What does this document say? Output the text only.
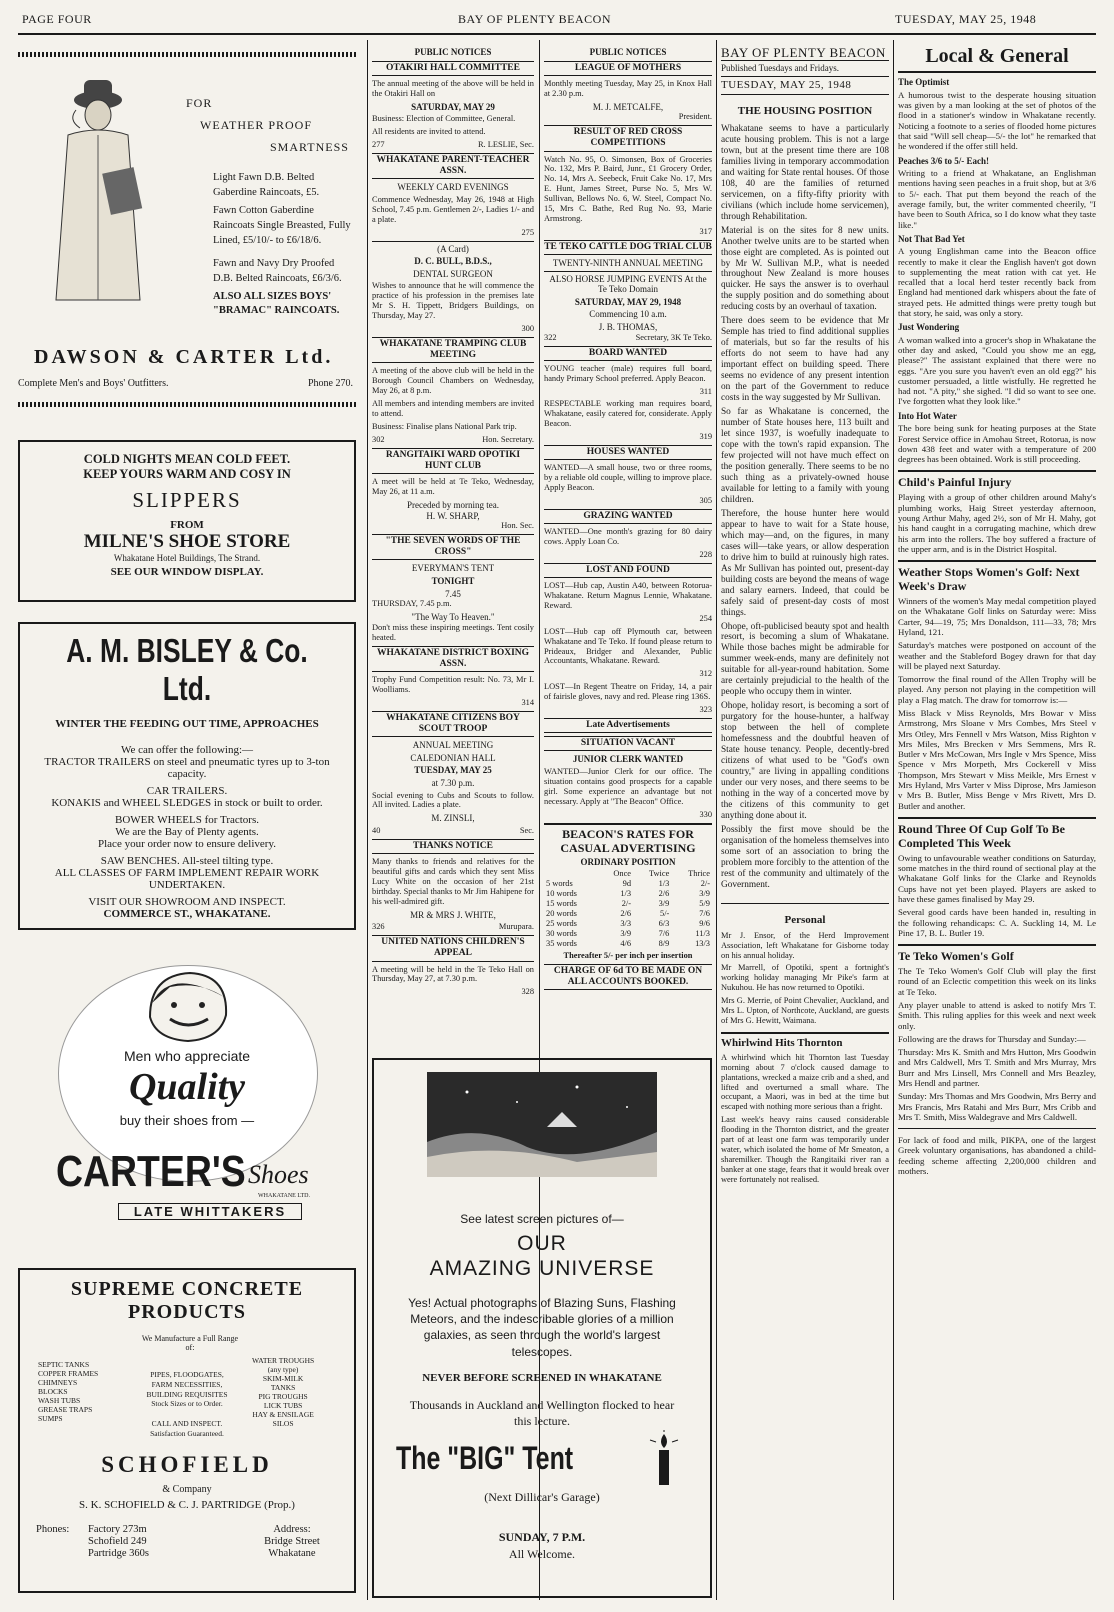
PAGE FOUR	BAY OF PLENTY BEACON	TUESDAY, MAY 25, 1948
FOR
WEATHER PROOF
SMARTNESS
Light Fawn D.B. Belted Gaberdine Raincoats, £5.
Fawn Cotton Gaberdine Raincoats Single Breasted, Fully Lined, £5/10/- to £6/18/6.
Fawn and Navy Dry Proofed D.B. Belted Raincoats, £6/3/6.
ALSO ALL SIZES BOYS' "BRAMAC" RAINCOATS.
DAWSON & CARTER Ltd.
Complete Men's and Boys' Outfitters.	Phone 270.
COLD NIGHTS MEAN COLD FEET.
KEEP YOURS WARM AND COSY IN
SLIPPERS
FROM
MILNE'S SHOE STORE
Whakatane Hotel Buildings, The Strand.
SEE OUR WINDOW DISPLAY.
A. M. BISLEY & Co. Ltd.
WINTER THE FEEDING OUT TIME, APPROACHES
We can offer the following:—
TRACTOR TRAILERS on steel and pneumatic tyres up to 3-ton capacity.
CAR TRAILERS.
KONAKIS and WHEEL SLEDGES in stock or built to order.
BOWER WHEELS for Tractors.
We are the Bay of Plenty agents.
Place your order now to ensure delivery.
SAW BENCHES. All-steel tilting type.
ALL CLASSES OF FARM IMPLEMENT REPAIR WORK UNDERTAKEN.
VISIT OUR SHOWROOM AND INSPECT.
COMMERCE ST., WHAKATANE.
Men who appreciate
Quality
buy their shoes from —
CARTER'S Shoes
WHAKATANE LTD.
LATE WHITTAKERS
SUPREME CONCRETE
PRODUCTS
We Manufacture a Full Range of:
SEPTIC TANKS
COPPER FRAMES
CHIMNEYS
BLOCKS
WASH TUBS
GREASE TRAPS
SUMPS
PIPES, FLOODGATES,
FARM NECESSITIES,
BUILDING REQUISITES
Stock Sizes or to Order.

CALL AND INSPECT.
Satisfaction Guaranteed.
WATER TROUGHS
(any type)
SKIM-MILK
TANKS
PIG TROUGHS
LICK TUBS
HAY & ENSILAGE
SILOS
SCHOFIELD
& Company
S. K. SCHOFIELD & C. J. PARTRIDGE (Prop.)
Phones: Factory 273m
Schofield 249
Partridge 360s
Address:
Bridge Street
Whakatane
PUBLIC NOTICES
OTAKIRI HALL COMMITTEE

The annual meeting of the above will be held in the Otakiri Hall on

SATURDAY, MAY 29

Business: Election of Committee, General.

All residents are invited to attend.

277	R. LESLIE, Sec.
WHAKATANE PARENT-TEACHER ASSN.
WEEKLY CARD EVENINGS

Commence Wednesday, May 26, 1948 at High School, 7.45 p.m. Gentlemen 2/-, Ladies 1/- and a plate.

275
(A Card)
D. C. BULL, B.D.S.,
DENTAL SURGEON

Wishes to announce that he will commence the practice of his profession in the premises late Mr S. H. Tippett, Bridgers Buildings, on Thursday, May 27.

300
WHAKATANE TRAMPING CLUB MEETING

A meeting of the above club will be held in the Borough Council Chambers on Wednesday, May 26, at 8 p.m.

All members and intending members are invited to attend.

Business: Finalise plans National Park trip.

302	Hon. Secretary.
RANGITAIKI WARD OPOTIKI HUNT CLUB

A meet will be held at Te Teko, Wednesday, May 26, at 11 a.m.

Preceded by morning tea.
H. W. SHARP,
Hon. Sec.
"THE SEVEN WORDS OF THE CROSS"
EVERYMAN'S TENT
TONIGHT
7.45

THURSDAY, 7.45 p.m.

"The Way To Heaven."

Don't miss these inspiring meetings. Tent cosily heated.

WHAKATANE DISTRICT BOXING ASSN.

Trophy Fund Competition result: No. 73, Mr I. Woolliams.

314
WHAKATANE CITIZENS BOY SCOUT TROOP
ANNUAL MEETING
CALEDONIAN HALL
TUESDAY, MAY 25
at 7.30 p.m.

Social evening to Cubs and Scouts to follow. All invited. Ladies a plate.

M. ZINSLI,
40	Sec.
THANKS NOTICE

Many thanks to friends and relatives for the beautiful gifts and cards which they sent Miss Lucy White on the occasion of her 21st birthday. Special thanks to Mr Jim Hahipene for his well-admired gift.

MR & MRS J. WHITE,
326	Murupara.
UNITED NATIONS CHILDREN'S APPEAL

A meeting will be held in the Te Teko Hall on Thursday, May 27, at 7.30 p.m.

328
PUBLIC NOTICES
LEAGUE OF MOTHERS

Monthly meeting Tuesday, May 25, in Knox Hall at 2.30 p.m.

M. J. METCALFE,
President.
RESULT OF RED CROSS COMPETITIONS

Watch No. 95, O. Simonsen, Box of Groceries No. 132, Mrs P. Baird, Junr., £1 Grocery Order, No. 14, Mrs A. Seebeck, Fruit Cake No. 17, Mrs E. Hunt, James Street, Purse No. 5, Mrs W. Sullivan, Bellows No. 6, W. Steel, Compact No. 15, Mrs C. Bathe, Red Rug No. 93, Marie Armstrong.

317
TE TEKO CATTLE DOG TRIAL CLUB
TWENTY-NINTH ANNUAL MEETING
ALSO HORSE JUMPING EVENTS At the Te Teko Domain
SATURDAY, MAY 29, 1948
Commencing 10 a.m.
J. B. THOMAS,
322	Secretary, 3K Te Teko.
BOARD WANTED

YOUNG teacher (male) requires full board, handy Primary School preferred. Apply Beacon.

311

RESPECTABLE working man requires board, Whakatane, easily catered for, considerate. Apply Beacon.

319
HOUSES WANTED

WANTED—A small house, two or three rooms, by a reliable old couple, willing to improve place. Apply Beacon.

305
GRAZING WANTED

WANTED—One month's grazing for 80 dairy cows. Apply Loan Co.

228
LOST AND FOUND

LOST—Hub cap, Austin A40, between Rotorua-Whakatane. Return Magnus Lennie, Whakatane. Reward.

254

LOST—Hub cap off Plymouth car, between Whakatane and Te Teko. If found please return to Prideaux, Bridger and Alexander, Public Accountants, Whakatane. Reward.

312

LOST—In Regent Theatre on Friday, 14, a pair of fairisle gloves, navy and red. Please ring 136S.

323
Late Advertisements
SITUATION VACANT
JUNIOR CLERK WANTED

WANTED—Junior Clerk for our office. The situation contains good prospects for a capable girl. Some experience an advantage but not necessary. Apply at "The Beacon" Office.

330
BEACON'S RATES FOR CASUAL ADVERTISING
ORDINARY POSITION
	Once	Twice	Thrice
5 words	9d	1/3	2/-
10 words	1/3	2/6	3/9
15 words	2/-	3/9	5/9
20 words	2/6	5/-	7/6
25 words	3/3	6/3	9/6
30 words	3/9	7/6	11/3
35 words	4/6	8/9	13/3
Thereafter 5/- per inch per insertion
CHARGE OF 6d TO BE MADE ON ALL ACCOUNTS BOOKED.
See latest screen pictures of—
OUR
AMAZING UNIVERSE
Yes! Actual photographs of Blazing Suns, Flashing Meteors, and the indescribable glories of a million galaxies, as seen through the world's largest telescopes.
NEVER BEFORE SCREENED IN WHAKATANE
Thousands in Auckland and Wellington flocked to hear this lecture.
The "BIG" Tent
(Next Dillicar's Garage)
SUNDAY, 7 P.M.
All Welcome.
BAY OF PLENTY BEACON
Published Tuesdays and Fridays.
TUESDAY, MAY 25, 1948
THE HOUSING POSITION

Whakatane seems to have a particularly acute housing problem. This is not a large town, but at the present time there are 108 families living in temporary accommodation and waiting for State rental houses. Of those 108, 40 are the families of returned servicemen, on a fifty-fifty priority with civilians (which include home servicemen), through Rehabilitation.

Material is on the sites for 8 new units. Another twelve units are to be started when those eight are completed. As is pointed out by Mr W. Sullivan M.P., what is needed throughout New Zealand is more houses quicker. He says the answer is to overhaul the supply position and do something about reducing costs by an overhaul of taxation.

There does seem to be evidence that Mr Semple has tried to find additional supplies of materials, but so far the results of his efforts do not seem to have had any important effect on building speed. There seems no evidence of any present intention on the part of the Government to reduce costs in the way suggested by Mr Sullivan.

So far as Whakatane is concerned, the number of State houses here, 113 built and let since 1937, is woefully inadequate to cope with the town's rapid expansion. The few projected will not have much effect on the position generally. There seems to be no such thing as a privately-owned house available for letting to a family with young children.

Therefore, the house hunter here would appear to have to wait for a State house, which may—and, on the figures, in many cases will—take years, or allow desperation to drive him to build at ruinously high rates. As Mr Sullivan has pointed out, present-day building costs are beyond the means of wage and salary earners. Indeed, that could be safely said of present-day costs of most things.

Ohope, oft-publicised beauty spot and health resort, is becoming a slum of Whakatane. While those baches might be admirable for summer week-ends, many are definitely not suitable for all-year-round habitation. Some are certainly prejudicial to the health of the people who occupy them in winter.

Ohope, holiday resort, is becoming a sort of purgatory for the house-hunter, a halfway stop between the hell of complete homefessness and the doubtful heaven of State house tenancy. People, decently-bred citizens of what used to be "God's own country," are living in appalling conditions under our very noses, and there seems to be nothing in the way of a concerted move by the citizens of this community to get anything done about it.

Possibly the first move should be the organisation of the homeless themselves into some sort of an association to bring the problem more forcibly to the attention of the rest of the community and ultimately of the Government.

Personal

Mr J. Ensor, of the Herd Improvement Association, left Whakatane for Gisborne today on his annual holiday.

Mr Marrell, of Opotiki, spent a fortnight's working holiday managing Mr Pike's farm at Nukuhou. He has now returned to Opotiki.

Mrs G. Merrie, of Point Chevalier, Auckland, and Mrs L. Upton, of Northcote, Auckland, are guests of Mrs G. Hewitt, Waimana.

Whirlwind Hits Thornton

A whirlwind which hit Thornton last Tuesday morning about 7 o'clock caused damage to plantations, wrecked a maize crib and a shed, and lifted and overturned a small whare. The occupant, a Maori, was in bed at the time but escaped with nothing more serious than a fright.

Last week's heavy rains caused considerable flooding in the Thornton district, and the greater part of at least one farm was temporarily under water, which isolated the home of Mr Smeaton, a sharemilker. Though the Rangitaiki river ran a banker at one stage, fears that it would break over were fortunately not realised.

Local & General
The Optimist

A humorous twist to the desperate housing situation was given by a man looking at the set of photos of the flood in a stationer's window in Whakatane recently. Noticing a footnote to a series of flooded home pictures that said "Will sell cheap—5/- the lot" he remarked that he wondered if the offer still held.

Peaches 3/6 to 5/- Each!

Writing to a friend at Whakatane, an Englishman mentions having seen peaches in a fruit shop, but at 3/6 to 5/- each. That put them beyond the reach of the average family, but, the writer commented cheerily, "I have been to South Africa, so I do know what they taste like."

Not That Bad Yet

A young Englishman came into the Beacon office recently to make it clear the English haven't got down to supplementing the meat ration with cat yet. He recalled that a local herd tester recently back from England had mentioned dark whispers about the fate of strayed pets. He admitted things were pretty tough but that story, he said, was only a story.

Just Wondering

A woman walked into a grocer's shop in Whakatane the other day and asked, "Could you show me an egg, please?" The assistant explained that there were no eggs. "Are you sure you haven't even an old egg?" his customer persuaded, a little wistfully. He regretted he had not. "A pity," she sighed. "I did so want to see one. I've forgotten what they look like."

Into Hot Water

The bore being sunk for heating purposes at the State Forest Service office in Amohau Street, Rotorua, is now down 438 feet and water with a temperature of 200 degrees has been obtained. Work is still proceeding.

Child's Painful Injury

Playing with a group of other children around Mahy's plumbing works, Haig Street yesterday afternoon, young Arthur Mahy, aged 2½, son of Mr H. Mahy, got his hand caught in a corrugating machine, which drew his arm into the rollers. The boy suffered a fracture of the upper arm, and is in the District Hospital.

Weather Stops Women's Golf: Next Week's Draw

Winners of the women's May medal competition played on the Whakatane Golf links on Saturday were: Miss Carter, 94—19, 75; Mrs Donaldson, 111—33, 78; Mrs Hyland, 121.

Saturday's matches were postponed on account of the weather and the Stableford Bogey drawn for that day will be played next Saturday.

Tomorrow the final round of the Allen Trophy will be played. Any person not playing in the competition will play a Flag match. The draw for tomorrow is:—

Miss Black v Miss Reynolds, Mrs Bowar v Miss Armstrong, Mrs Sloane v Mrs Combes, Mrs Steel v Mrs Otley, Mrs Fennell v Mrs Watson, Miss Righton v Mrs Miles, Mrs Brecken v Mrs Semmens, Mrs R. Butler v Mrs McCowan, Mrs Ingle v Mrs Spence, Miss Spence v Mrs Morpeth, Mrs Cockerell v Miss Thompson, Mrs Stewart v Miss Meikle, Mrs Ernest v Mrs Hyland, Mrs Varter v Miss Diprose, Mrs Jamieson v Mrs B. Butler, Miss Benge v Mrs Rivett, Mrs D. Butler and another.

Round Three Of Cup Golf To Be Completed This Week

Owing to unfavourable weather conditions on Saturday, some matches in the third round of sectional play at the Whakatane Golf links for the Clarke and Reynolds Cups have not yet been played. Players are asked to have these games finalised by May 29.

Several good cards have been handed in, resulting in the following rehandicaps: C. A. Suckling 14, M. Le Pine 17, B. L. Butler 19.

Te Teko Women's Golf

The Te Teko Women's Golf Club will play the first round of an Eclectic competition this week on its links at Te Teko.

Any player unable to attend is asked to notify Mrs T. Smith. This ruling applies for this week and next week only.

Following are the draws for Thursday and Sunday:—

Thursday: Mrs K. Smith and Mrs Hutton, Mrs Goodwin and Mrs Caldwell, Mrs T. Smith and Mrs Murray, Mrs Burr and Mrs Linsell, Mrs Connell and Mrs Beazley, Mrs Hendl and partner.

Sunday: Mrs Thomas and Mrs Goodwin, Mrs Berry and Mrs Francis, Mrs Ratahi and Mrs Burr, Mrs Cribb and Mrs T. Smith, Miss Waldegrave and Mrs Caldwell.

For lack of food and milk, PIKPA, one of the largest Greek voluntary organisations, has abandoned a child-feeding scheme affecting 2,200,000 children and mothers.
